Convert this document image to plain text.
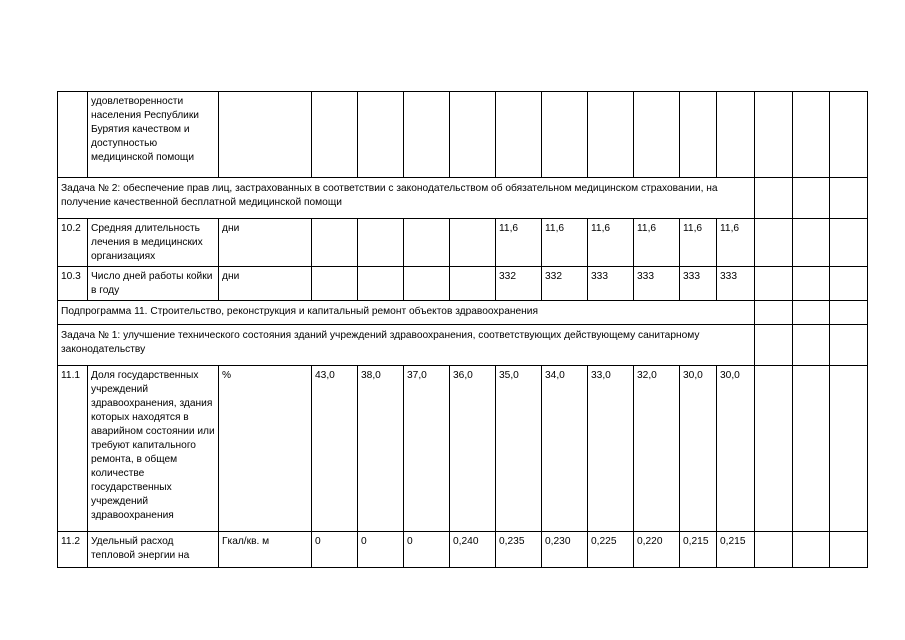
	удовлетворенности населения Республики Бурятия качеством и доступностью медицинской помощи														
Задача № 2: обеспечение прав лиц, застрахованных в соответствии с законодательством об обязательном медицинском страховании, на получение качественной бесплатной медицинской помощи															
10.2	Средняя длительность лечения в медицинских организациях	дни					11,6	11,6	11,6	11,6	11,6	11,6			
10.3	Число дней работы койки в году	дни					332	332	333	333	333	333			
Подпрограмма 11. Строительство, реконструкция и капитальный ремонт объектов здравоохранения															
Задача № 1: улучшение технического состояния зданий учреждений здравоохранения, соответствующих действующему санитарному законодательству															
11.1	Доля государственных учреждений здравоохранения, здания которых находятся в аварийном состоянии или требуют капитального ремонта, в общем количестве государственных учреждений здравоохранения	%	43,0	38,0	37,0	36,0	35,0	34,0	33,0	32,0	30,0	30,0			
11.2	Удельный расход тепловой энергии на	Гкал/кв. м	0	0	0	0,240	0,235	0,230	0,225	0,220	0,215	0,215			
